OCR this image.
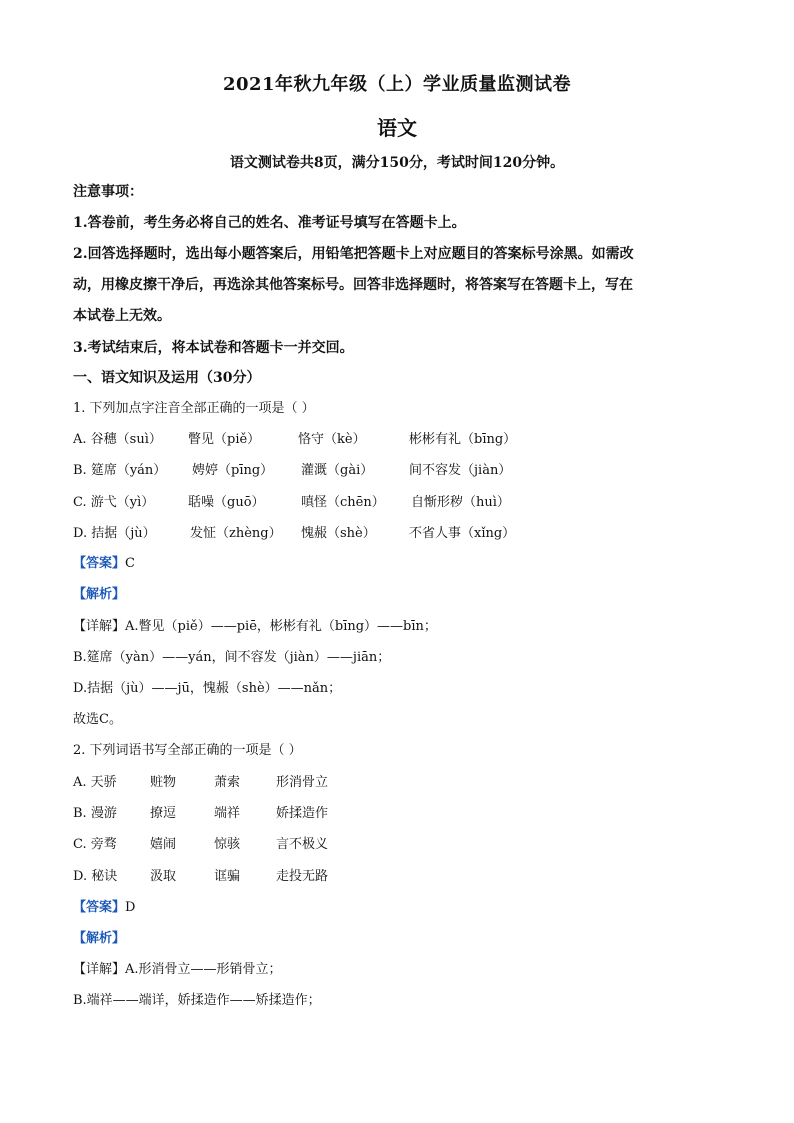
2021年秋九年级（上）学业质量监测试卷
语文
语文测试卷共8页，满分150分，考试时间120分钟。
注意事项：
1.答卷前，考生务必将自己的姓名、准考证号填写在答题卡上。
2.回答选择题时，选出每小题答案后，用铅笔把答题卡上对应题目的答案标号涂黑。如需改
动，用橡皮擦干净后，再选涂其他答案标号。回答非选择题时，将答案写在答题卡上，写在
本试卷上无效。
3.考试结束后，将本试卷和答题卡一并交回。
一、语文知识及运用（30分）
1. 下列加点字注音全部正确的一项是（ ）
A. 谷穗（suì） 瞥见（piě）	恪守（kè）	彬彬有礼（bīng）
B. 筵席（yán） 娉婷（pīng） 灌溉（gài）	间不容发（jiàn）
C. 游弋（yì）	聒噪（guō）	嗔怪（chēn） 自惭形秽（huì）
D. 拮据（jù）	发怔（zhèng） 愧赧（shè）	不省人事（xǐng）
【答案】C
【解析】
【详解】A.瞥见（piě）——piē，彬彬有礼（bīng）——bīn；
B.筵席（yàn）——yán，间不容发（jiàn）——jiān；
D.拮据（jù）——jū，愧赧（shè）——nǎn；
故选C。
2. 下列词语书写全部正确的一项是（ ）
A. 天骄	赃物	萧索	形消骨立
B. 漫游	撩逗	端祥	娇揉造作
C. 旁骛	嬉闹	惊骇	言不极义
D. 秘诀	汲取	诓骗	走投无路
【答案】D
【解析】
【详解】A.形消骨立——形销骨立；
B.端祥——端详，娇揉造作——矫揉造作；
